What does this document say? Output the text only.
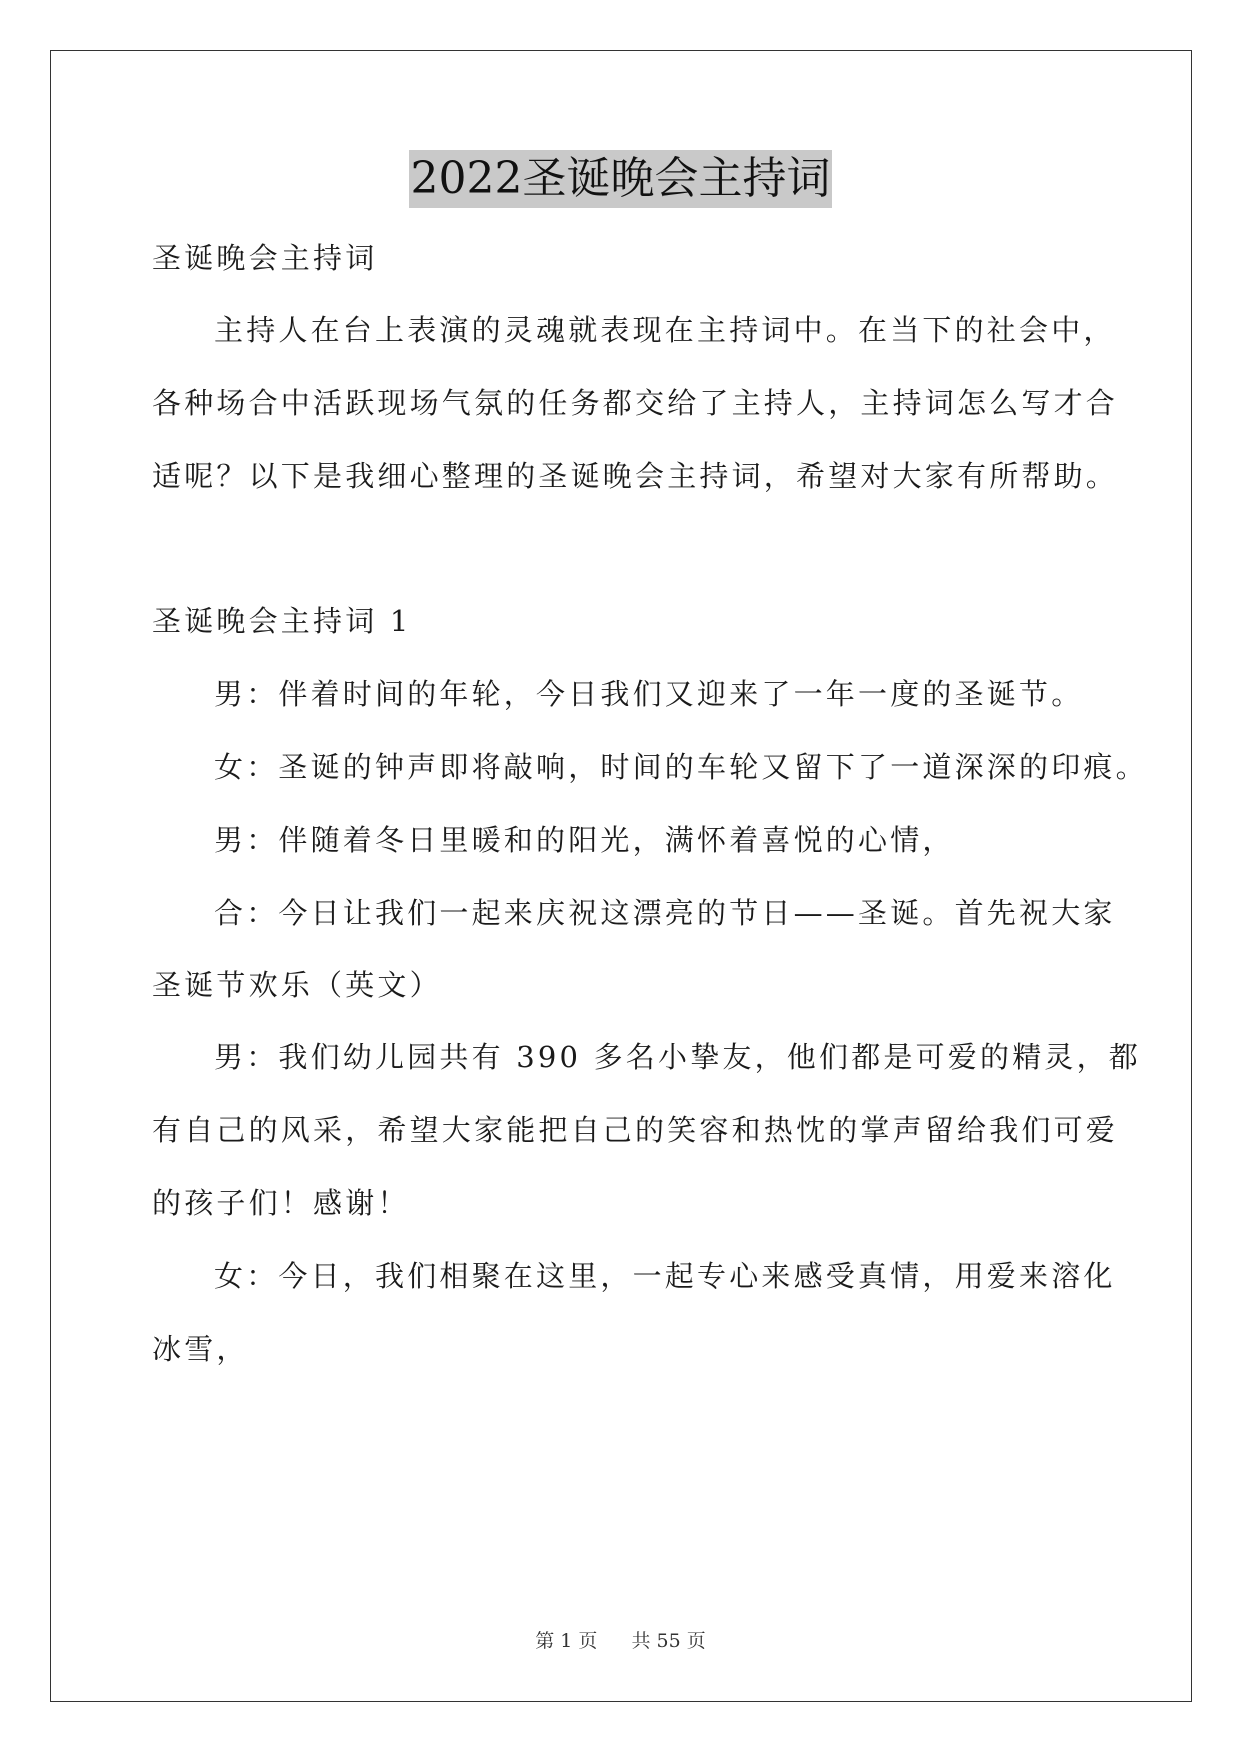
2022圣诞晚会主持词
圣诞晚会主持词
主持人在台上表演的灵魂就表现在主持词中。在当下的社会中，
各种场合中活跃现场气氛的任务都交给了主持人，主持词怎么写才合
适呢？以下是我细心整理的圣诞晚会主持词，希望对大家有所帮助。
圣诞晚会主持词 1
男：伴着时间的年轮，今日我们又迎来了一年一度的圣诞节。
女：圣诞的钟声即将敲响，时间的车轮又留下了一道深深的印痕。
男：伴随着冬日里暖和的阳光，满怀着喜悦的心情，
合：今日让我们一起来庆祝这漂亮的节日——圣诞。首先祝大家
圣诞节欢乐（英文）
男：我们幼儿园共有 390 多名小挚友，他们都是可爱的精灵，都
有自己的风采，希望大家能把自己的笑容和热忱的掌声留给我们可爱
的孩子们！感谢！
女：今日，我们相聚在这里，一起专心来感受真情，用爱来溶化
冰雪，
第 1 页 共 55 页
